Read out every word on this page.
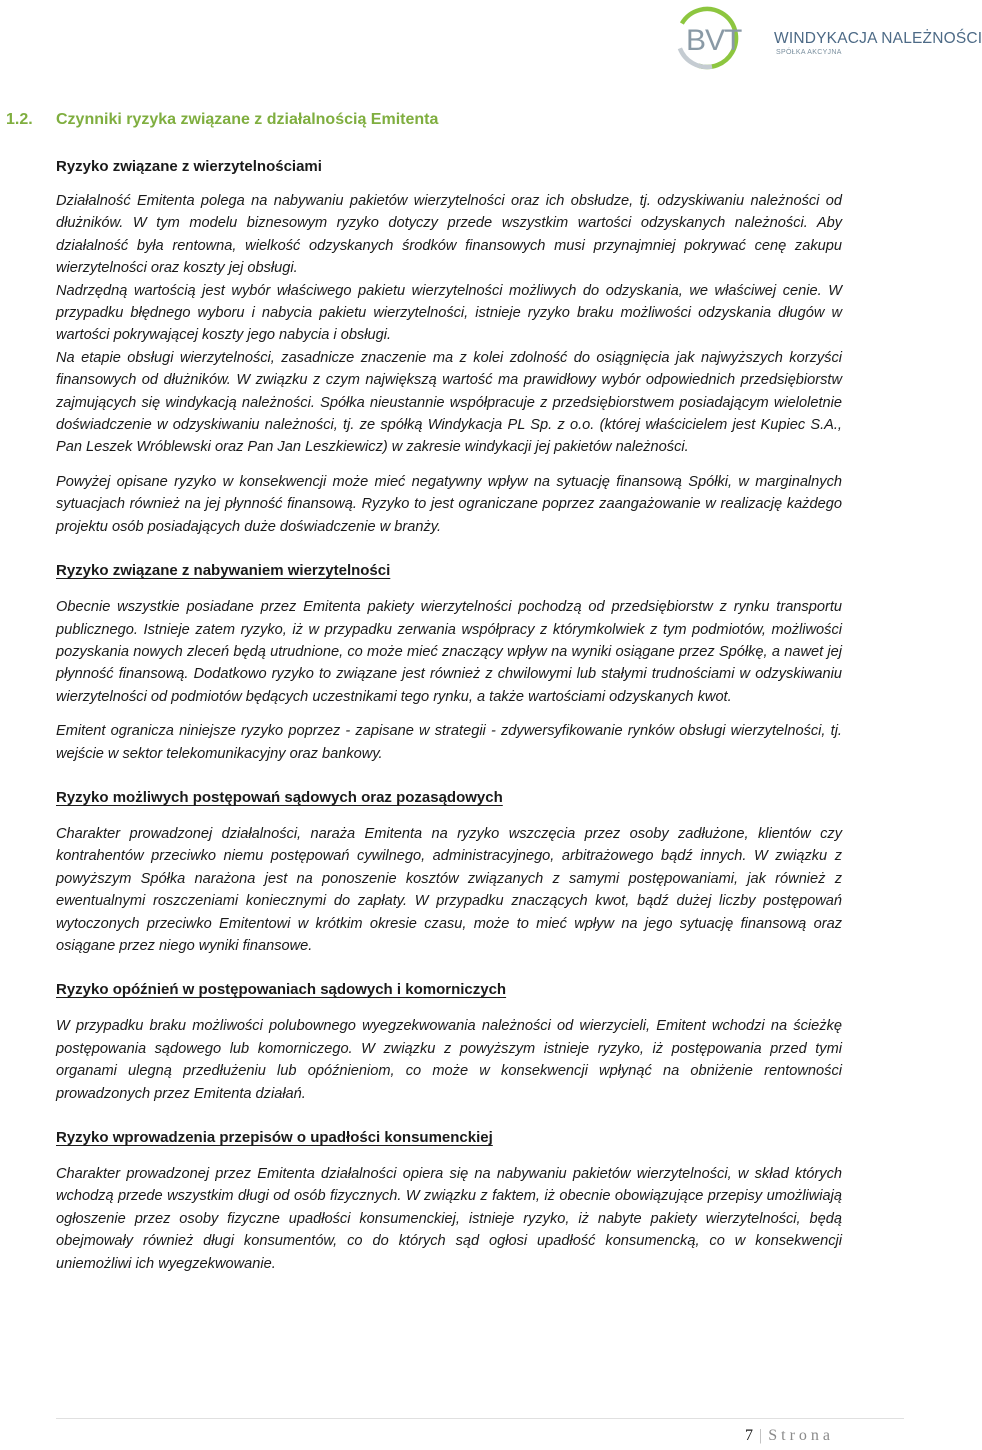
BVT WINDYKACJA NALEŻNOŚCI
SPÓŁKA AKCYJNA
1.2. Czynniki ryzyka związane z działalnością Emitenta
Ryzyko związane z wierzytelnościami

Działalność Emitenta polega na nabywaniu pakietów wierzytelności oraz ich obsłudze, tj. odzyskiwaniu należności od dłużników. W tym modelu biznesowym ryzyko dotyczy przede wszystkim wartości odzyskanych należności. Aby działalność była rentowna, wielkość odzyskanych środków finansowych musi przynajmniej pokrywać cenę zakupu wierzytelności oraz koszty jej obsługi.

Nadrzędną wartością jest wybór właściwego pakietu wierzytelności możliwych do odzyskania, we właściwej cenie. W przypadku błędnego wyboru i nabycia pakietu wierzytelności, istnieje ryzyko braku możliwości odzyskania długów w wartości pokrywającej koszty jego nabycia i obsługi.

Na etapie obsługi wierzytelności, zasadnicze znaczenie ma z kolei zdolność do osiągnięcia jak najwyższych korzyści finansowych od dłużników. W związku z czym największą wartość ma prawidłowy wybór odpowiednich przedsiębiorstw zajmujących się windykacją należności. Spółka nieustannie współpracuje z przedsiębiorstwem posiadającym wieloletnie doświadczenie w odzyskiwaniu należności, tj. ze spółką Windykacja PL Sp. z o.o. (której właścicielem jest Kupiec S.A., Pan Leszek Wróblewski oraz Pan Jan Leszkiewicz) w zakresie windykacji jej pakietów należności.

Powyżej opisane ryzyko w konsekwencji może mieć negatywny wpływ na sytuację finansową Spółki, w marginalnych sytuacjach również na jej płynność finansową. Ryzyko to jest ograniczane poprzez zaangażowanie w realizację każdego projektu osób posiadających duże doświadczenie w branży.

Ryzyko związane z nabywaniem wierzytelności

Obecnie wszystkie posiadane przez Emitenta pakiety wierzytelności pochodzą od przedsiębiorstw z rynku transportu publicznego. Istnieje zatem ryzyko, iż w przypadku zerwania współpracy z którymkolwiek z tym podmiotów, możliwości pozyskania nowych zleceń będą utrudnione, co może mieć znaczący wpływ na wyniki osiągane przez Spółkę, a nawet jej płynność finansową. Dodatkowo ryzyko to związane jest również z chwilowymi lub stałymi trudnościami w odzyskiwaniu wierzytelności od podmiotów będących uczestnikami tego rynku, a także wartościami odzyskanych kwot.

Emitent ogranicza niniejsze ryzyko poprzez - zapisane w strategii - zdywersyfikowanie rynków obsługi wierzytelności, tj. wejście w sektor telekomunikacyjny oraz bankowy.

Ryzyko możliwych postępowań sądowych oraz pozasądowych

Charakter prowadzonej działalności, naraża Emitenta na ryzyko wszczęcia przez osoby zadłużone, klientów czy kontrahentów przeciwko niemu postępowań cywilnego, administracyjnego, arbitrażowego bądź innych. W związku z powyższym Spółka narażona jest na ponoszenie kosztów związanych z samymi postępowaniami, jak również z ewentualnymi roszczeniami koniecznymi do zapłaty. W przypadku znaczących kwot, bądź dużej liczby postępowań wytoczonych przeciwko Emitentowi w krótkim okresie czasu, może to mieć wpływ na jego sytuację finansową oraz osiągane przez niego wyniki finansowe.

Ryzyko opóźnień w postępowaniach sądowych i komorniczych

W przypadku braku możliwości polubownego wyegzekwowania należności od wierzycieli, Emitent wchodzi na ścieżkę postępowania sądowego lub komorniczego. W związku z powyższym istnieje ryzyko, iż postępowania przed tymi organami ulegną przedłużeniu lub opóźnieniom, co może w konsekwencji wpłynąć na obniżenie rentowności prowadzonych przez Emitenta działań.

Ryzyko wprowadzenia przepisów o upadłości konsumenckiej

Charakter prowadzonej przez Emitenta działalności opiera się na nabywaniu pakietów wierzytelności, w skład których wchodzą przede wszystkim długi od osób fizycznych. W związku z faktem, iż obecnie obowiązujące przepisy umożliwiają ogłoszenie przez osoby fizyczne upadłości konsumenckiej, istnieje ryzyko, iż nabyte pakiety wierzytelności, będą obejmowały również długi konsumentów, co do których sąd ogłosi upadłość konsumencką, co w konsekwencji uniemożliwi ich wyegzekwowanie.

7 | Strona
